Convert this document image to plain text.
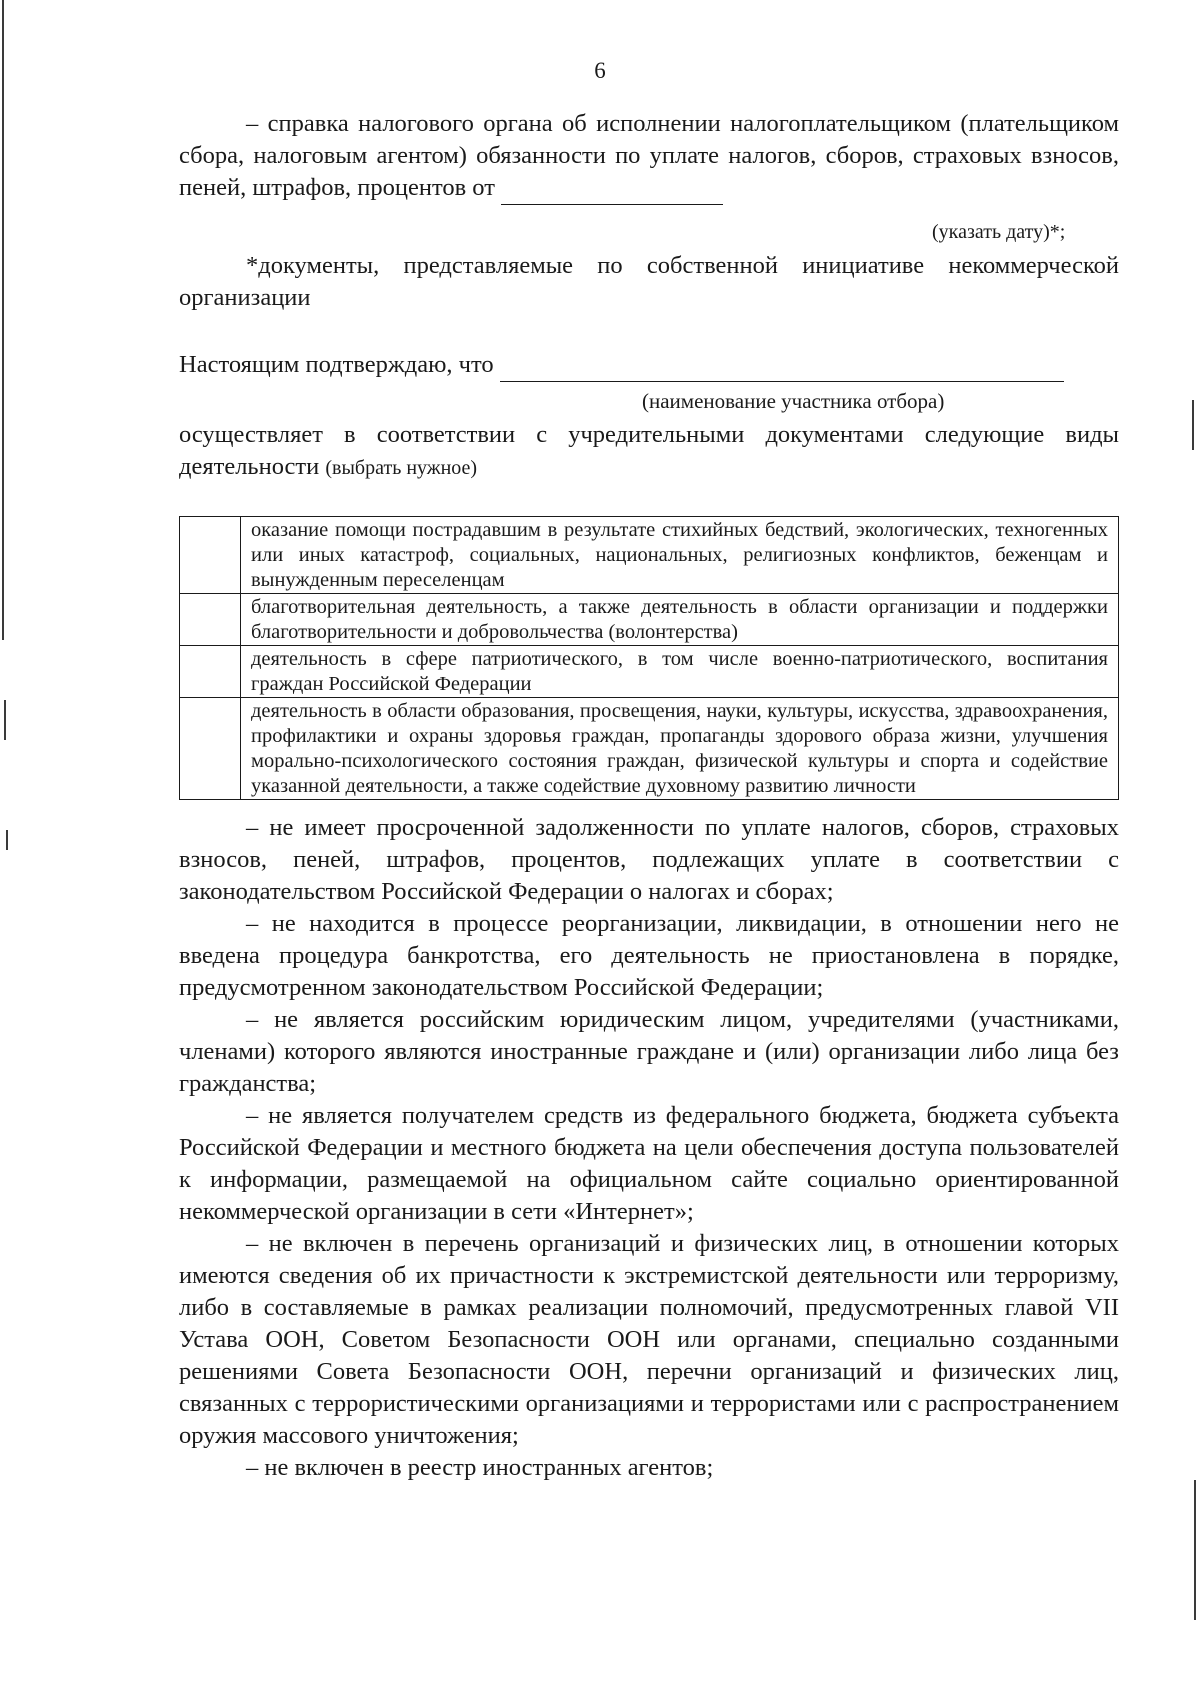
6

– справка налогового органа об исполнении налогоплательщиком (плательщиком сбора, налоговым агентом) обязанности по уплате налогов, сборов, страховых взносов, пеней, штрафов, процентов от

(указать дату)*;

*документы, представляемые по собственной инициативе некоммерческой организации

Настоящим подтверждаю, что

(наименование участника отбора)

осуществляет в соответствии с учредительными документами следующие виды деятельности (выбрать нужное)

	оказание помощи пострадавшим в результате стихийных бедствий, экологических, техногенных или иных катастроф, социальных, национальных, религиозных конфликтов, беженцам и вынужденным переселенцам
	благотворительная деятельность, а также деятельность в области организации и поддержки благотворительности и добровольчества (волонтерства)
	деятельность в сфере патриотического, в том числе военно-патриотического, воспитания граждан Российской Федерации
	деятельность в области образования, просвещения, науки, культуры, искусства, здравоохранения, профилактики и охраны здоровья граждан, пропаганды здорового образа жизни, улучшения морально-психологического состояния граждан, физической культуры и спорта и содействие указанной деятельности, а также содействие духовному развитию личности

– не имеет просроченной задолженности по уплате налогов, сборов, страховых взносов, пеней, штрафов, процентов, подлежащих уплате в соответствии с законодательством Российской Федерации о налогах и сборах;

– не находится в процессе реорганизации, ликвидации, в отношении него не введена процедура банкротства, его деятельность не приостановлена в порядке, предусмотренном законодательством Российской Федерации;

– не является российским юридическим лицом, учредителями (участниками, членами) которого являются иностранные граждане и (или) организации либо лица без гражданства;

– не является получателем средств из федерального бюджета, бюджета субъекта Российской Федерации и местного бюджета на цели обеспечения доступа пользователей к информации, размещаемой на официальном сайте социально ориентированной некоммерческой организации в сети «Интернет»;

– не включен в перечень организаций и физических лиц, в отношении которых имеются сведения об их причастности к экстремистской деятельности или терроризму, либо в составляемые в рамках реализации полномочий, предусмотренных главой VII Устава ООН, Советом Безопасности ООН или органами, специально созданными решениями Совета Безопасности ООН, перечни организаций и физических лиц, связанных с террористическими организациями и террористами или с распространением оружия массового уничтожения;

– не включен в реестр иностранных агентов;
